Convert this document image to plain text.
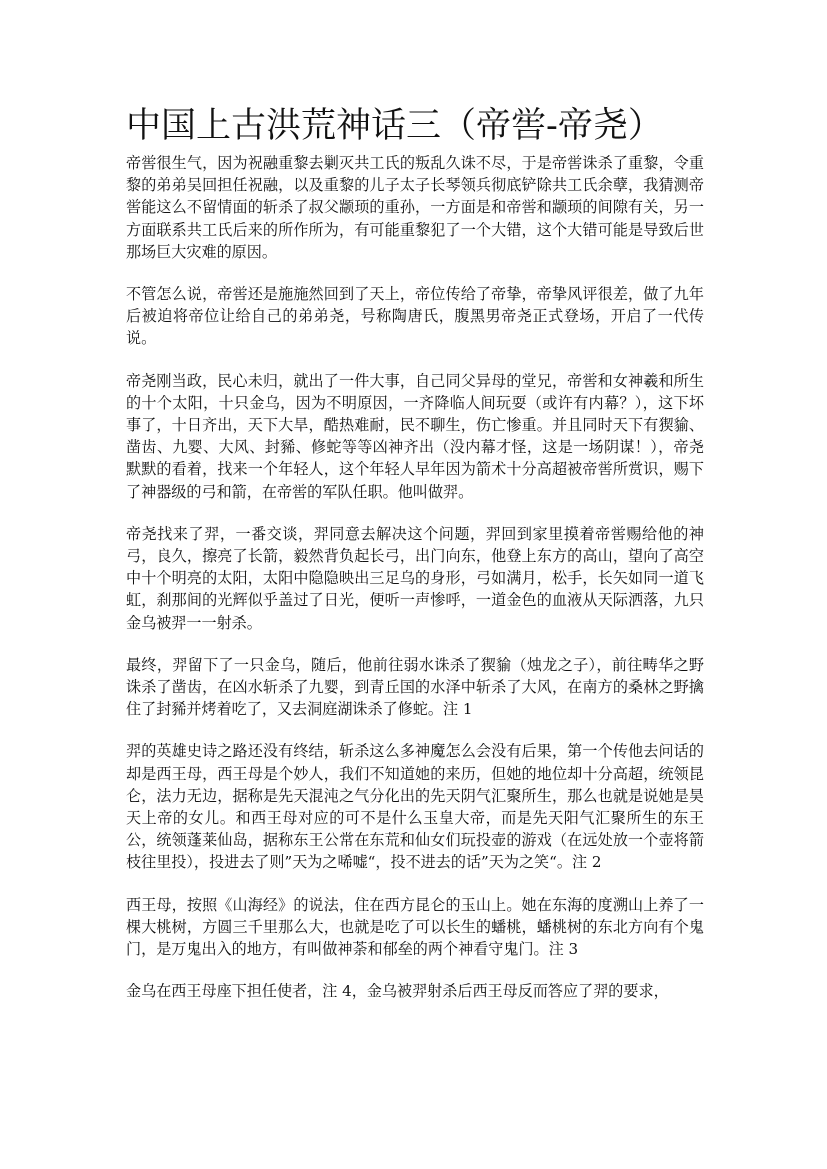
中国上古洪荒神话三（帝喾-帝尧）

帝喾很生气，因为祝融重黎去剿灭共工氏的叛乱久诛不尽，于是帝喾诛杀了重黎，令重黎的弟弟吴回担任祝融，以及重黎的儿子太子长琴领兵彻底铲除共工氏余孽，我猜测帝喾能这么不留情面的斩杀了叔父颛顼的重孙，一方面是和帝喾和颛顼的间隙有关，另一方面联系共工氏后来的所作所为，有可能重黎犯了一个大错，这个大错可能是导致后世那场巨大灾难的原因。

不管怎么说，帝喾还是施施然回到了天上，帝位传给了帝挚，帝挚风评很差，做了九年后被迫将帝位让给自己的弟弟尧，号称陶唐氏，腹黑男帝尧正式登场，开启了一代传说。

帝尧刚当政，民心未归，就出了一件大事，自己同父异母的堂兄，帝喾和女神羲和所生的十个太阳，十只金乌，因为不明原因，一齐降临人间玩耍（或许有内幕？），这下坏事了，十日齐出，天下大旱，酷热难耐，民不聊生，伤亡惨重。并且同时天下有猰貐、凿齿、九婴、大风、封豨、修蛇等等凶神齐出（没内幕才怪，这是一场阴谋！），帝尧默默的看着，找来一个年轻人，这个年轻人早年因为箭术十分高超被帝喾所赏识，赐下了神器级的弓和箭，在帝喾的军队任职。他叫做羿。

帝尧找来了羿，一番交谈，羿同意去解决这个问题，羿回到家里摸着帝喾赐给他的神弓，良久，擦亮了长箭，毅然背负起长弓，出门向东，他登上东方的高山，望向了高空中十个明亮的太阳，太阳中隐隐映出三足乌的身形，弓如满月，松手，长矢如同一道飞虹，刹那间的光辉似乎盖过了日光，便听一声惨呼，一道金色的血液从天际洒落，九只金乌被羿一一射杀。

最终，羿留下了一只金乌，随后，他前往弱水诛杀了猰貐（烛龙之子），前往畴华之野诛杀了凿齿，在凶水斩杀了九婴，到青丘国的水泽中斩杀了大风，在南方的桑林之野擒住了封豨并烤着吃了，又去洞庭湖诛杀了修蛇。注 1

羿的英雄史诗之路还没有终结，斩杀这么多神魔怎么会没有后果，第一个传他去问话的却是西王母，西王母是个妙人，我们不知道她的来历，但她的地位却十分高超，统领昆仑，法力无边，据称是先天混沌之气分化出的先天阴气汇聚所生，那么也就是说她是昊天上帝的女儿。和西王母对应的可不是什么玉皇大帝，而是先天阳气汇聚所生的东王公，统领蓬莱仙岛，据称东王公常在东荒和仙女们玩投壶的游戏（在远处放一个壶将箭枝往里投），投进去了则”天为之唏嘘“，投不进去的话”天为之笑“。注 2

西王母，按照《山海经》的说法，住在西方昆仑的玉山上。她在东海的度溯山上养了一棵大桃树，方圆三千里那么大，也就是吃了可以长生的蟠桃，蟠桃树的东北方向有个鬼门，是万鬼出入的地方，有叫做神荼和郁垒的两个神看守鬼门。注 3

金乌在西王母座下担任使者，注 4，金乌被羿射杀后西王母反而答应了羿的要求，
